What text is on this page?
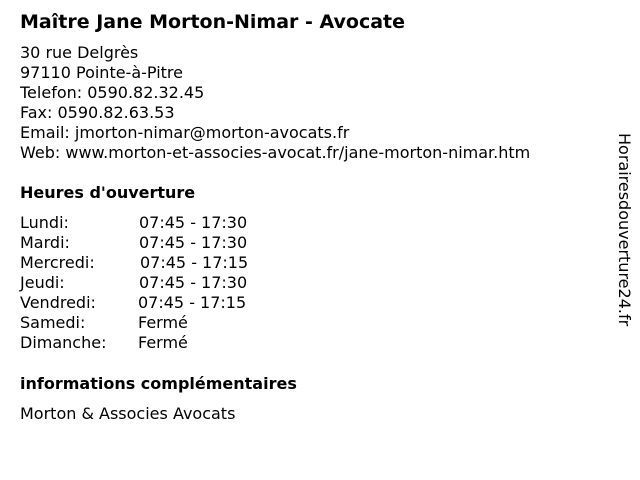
Maître Jane Morton-Nimar - Avocate
30 rue Delgrès
97110 Pointe-à-Pitre
Telefon: 0590.82.32.45
Fax: 0590.82.63.53
Email: jmorton-nimar@morton-avocats.fr
Web: www.morton-et-associes-avocat.fr/jane-morton-nimar.htm
Heures d'ouverture
Lundi:	07:45 - 17:30
Mardi:	07:45 - 17:30
Mercredi:	07:45 - 17:15
Jeudi:	07:45 - 17:30
Vendredi:	07:45 - 17:15
Samedi:	Fermé
Dimanche: Fermé
informations complémentaires
Morton & Associes Avocats
Horairesdouverture24.fr
